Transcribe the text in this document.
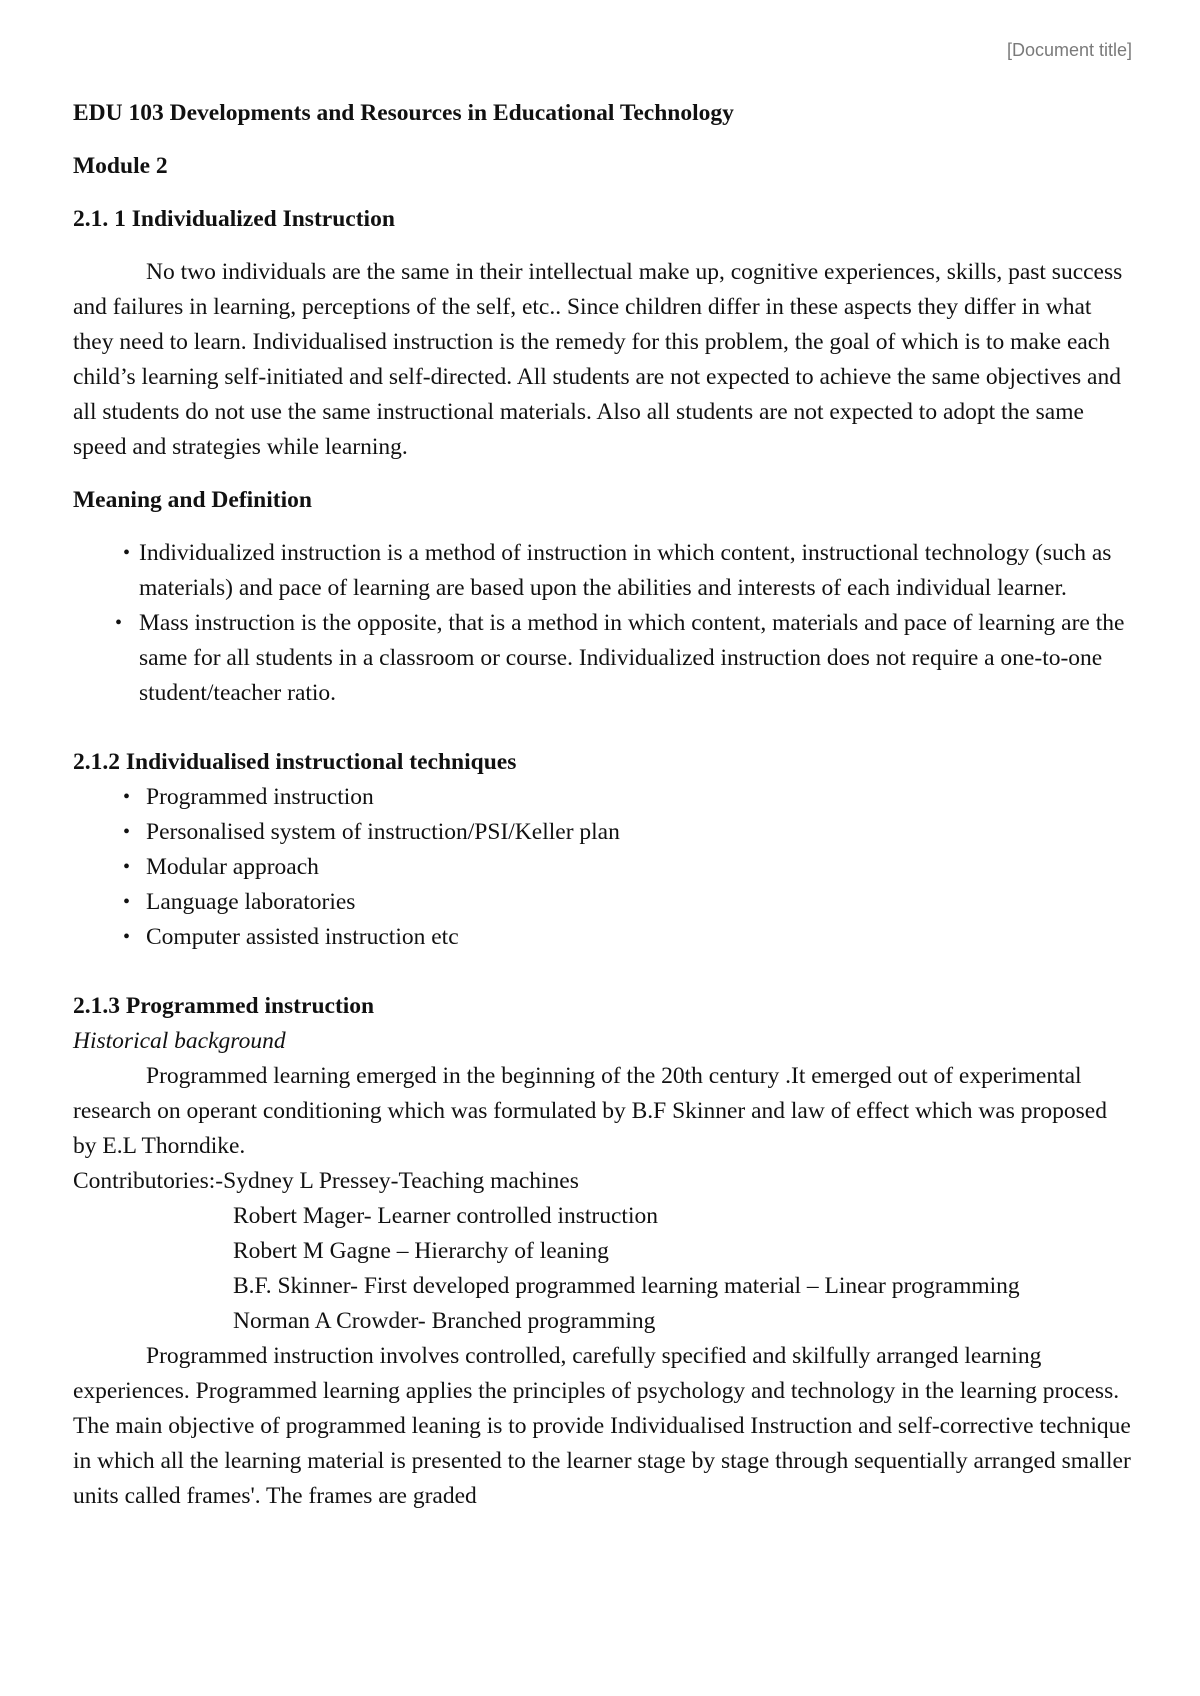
[Document title]

EDU 103 Developments and Resources in Educational Technology

Module 2

2.1. 1 Individualized Instruction

No two individuals are the same in their intellectual make up, cognitive experiences, skills, past success and failures in learning, perceptions of the self, etc.. Since children differ in these aspects they differ in what they need to learn. Individualised instruction is the remedy for this problem, the goal of which is to make each child’s learning self-initiated and self-directed. All students are not expected to achieve the same objectives and all students do not use the same instructional materials. Also all students are not expected to adopt the same speed and strategies while learning.

Meaning and Definition

• Individualized instruction is a method of instruction in which content, instructional technology (such as materials) and pace of learning are based upon the abilities and interests of each individual learner.
• Mass instruction is the opposite, that is a method in which content, materials and pace of learning are the same for all students in a classroom or course. Individualized instruction does not require a one-to-one student/teacher ratio.

2.1.2 Individualised instructional techniques

• Programmed instruction
• Personalised system of instruction/PSI/Keller plan
• Modular approach
• Language laboratories
• Computer assisted instruction etc

2.1.3 Programmed instruction

Historical background

Programmed learning emerged in the beginning of the 20th century .It emerged out of experimental research on operant conditioning which was formulated by B.F Skinner and law of effect which was proposed by E.L Thorndike.

Contributories:-Sydney L Pressey-Teaching machines

Robert Mager- Learner controlled instruction

Robert M Gagne – Hierarchy of leaning

B.F. Skinner- First developed programmed learning material – Linear programming

Norman A Crowder- Branched programming

Programmed instruction involves controlled, carefully specified and skilfully arranged learning experiences. Programmed learning applies the principles of psychology and technology in the learning process. The main objective of programmed leaning is to provide Individualised Instruction and self-corrective technique in which all the learning material is presented to the learner stage by stage through sequentially arranged smaller units called frames'. The frames are graded
